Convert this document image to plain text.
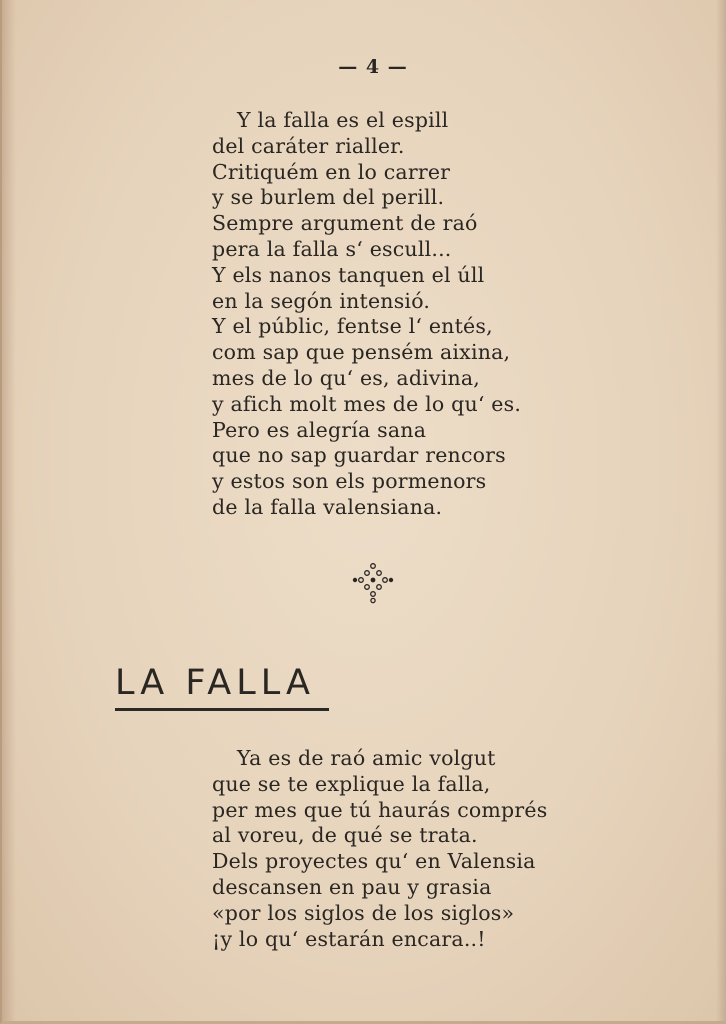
— 4 —
Y la falla es el espill
del caráter rialler.
Critiquém en lo carrer
y se burlem del perill.
Sempre argument de raó
pera la falla s‘ escull...
Y els nanos tanquen el úll
en la segón intensió.
Y el públic, fentse l‘ entés,
com sap que pensém aixina,
mes de lo qu‘ es, adivina,
y afich molt mes de lo qu‘ es.
Pero es alegría sana
que no sap guardar rencors
y estos son els pormenors
de la falla valensiana.
LA FALLA
Ya es de raó amic volgut
que se te explique la falla,
per mes que tú haurás comprés
al voreu, de qué se trata.
Dels proyectes qu‘ en Valensia
descansen en pau y grasia
«por los siglos de los siglos»
¡y lo qu‘ estarán encara..!
